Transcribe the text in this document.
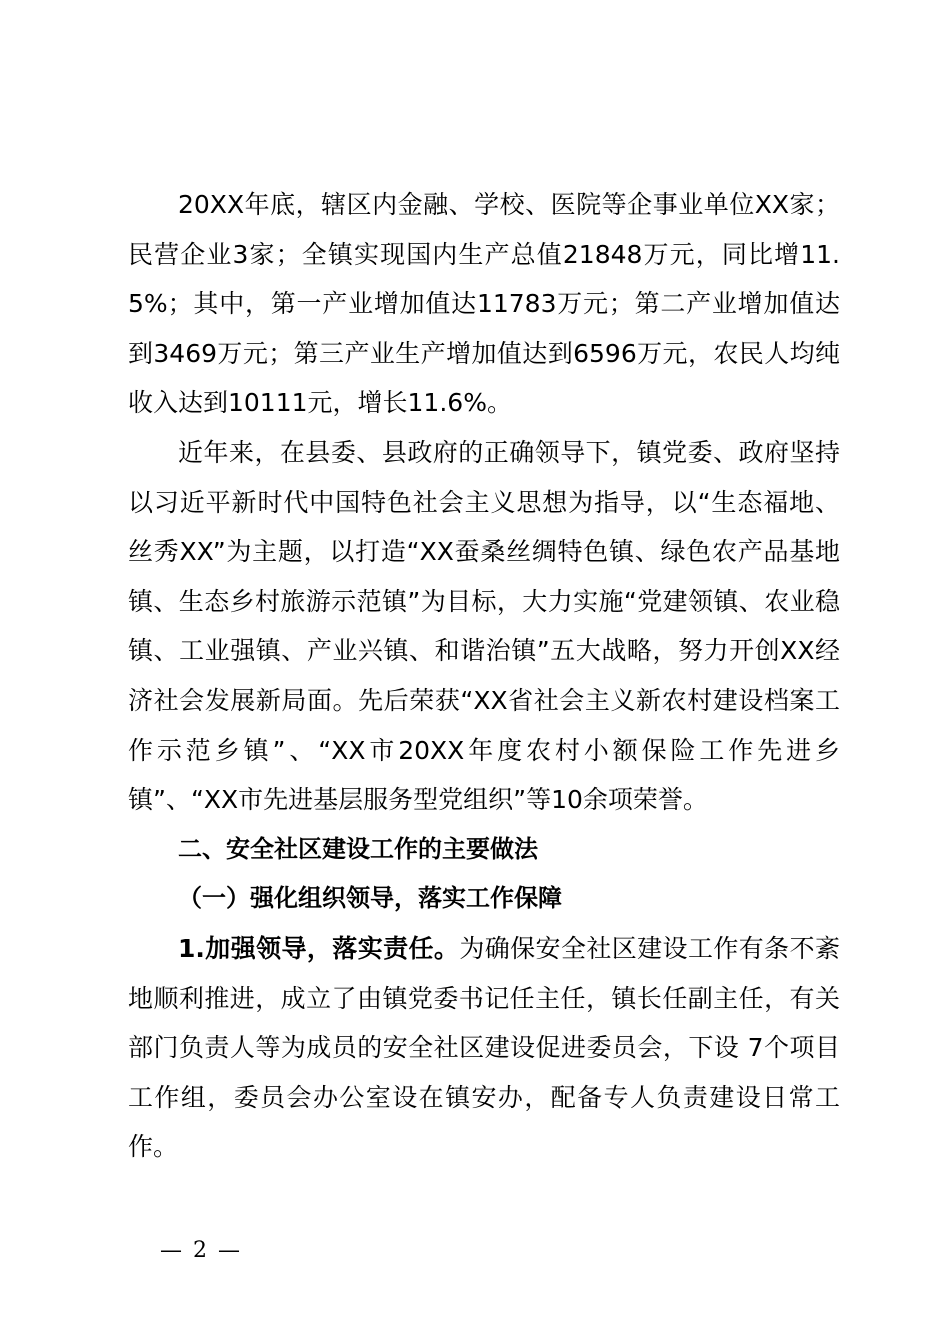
20XX年底，辖区内金融、学校、医院等企事业单位XX家；民营企业3家；全镇实现国内生产总值21848万元，同比增11.5%；其中，第一产业增加值达11783万元；第二产业增加值达到3469万元；第三产业生产增加值达到6596万元，农民人均纯收入达到10111元，增长11.6%。

近年来，在县委、县政府的正确领导下，镇党委、政府坚持以习近平新时代中国特色社会主义思想为指导，以“生态福地、丝秀XX”为主题，以打造“XX蚕桑丝绸特色镇、绿色农产品基地镇、生态乡村旅游示范镇”为目标，大力实施“党建领镇、农业稳镇、工业强镇、产业兴镇、和谐治镇”五大战略，努力开创XX经济社会发展新局面。先后荣获“XX省社会主义新农村建设档案工作示范乡镇”、“XX市20XX年度农村小额保险工作先进乡镇”、“XX市先进基层服务型党组织”等10余项荣誉。

二、安全社区建设工作的主要做法

（一）强化组织领导，落实工作保障

1.加强领导，落实责任。为确保安全社区建设工作有条不紊地顺利推进，成立了由镇党委书记任主任，镇长任副主任，有关部门负责人等为成员的安全社区建设促进委员会，下设 7个项目工作组，委员会办公室设在镇安办，配备专人负责建设日常工作。

— 2 —
